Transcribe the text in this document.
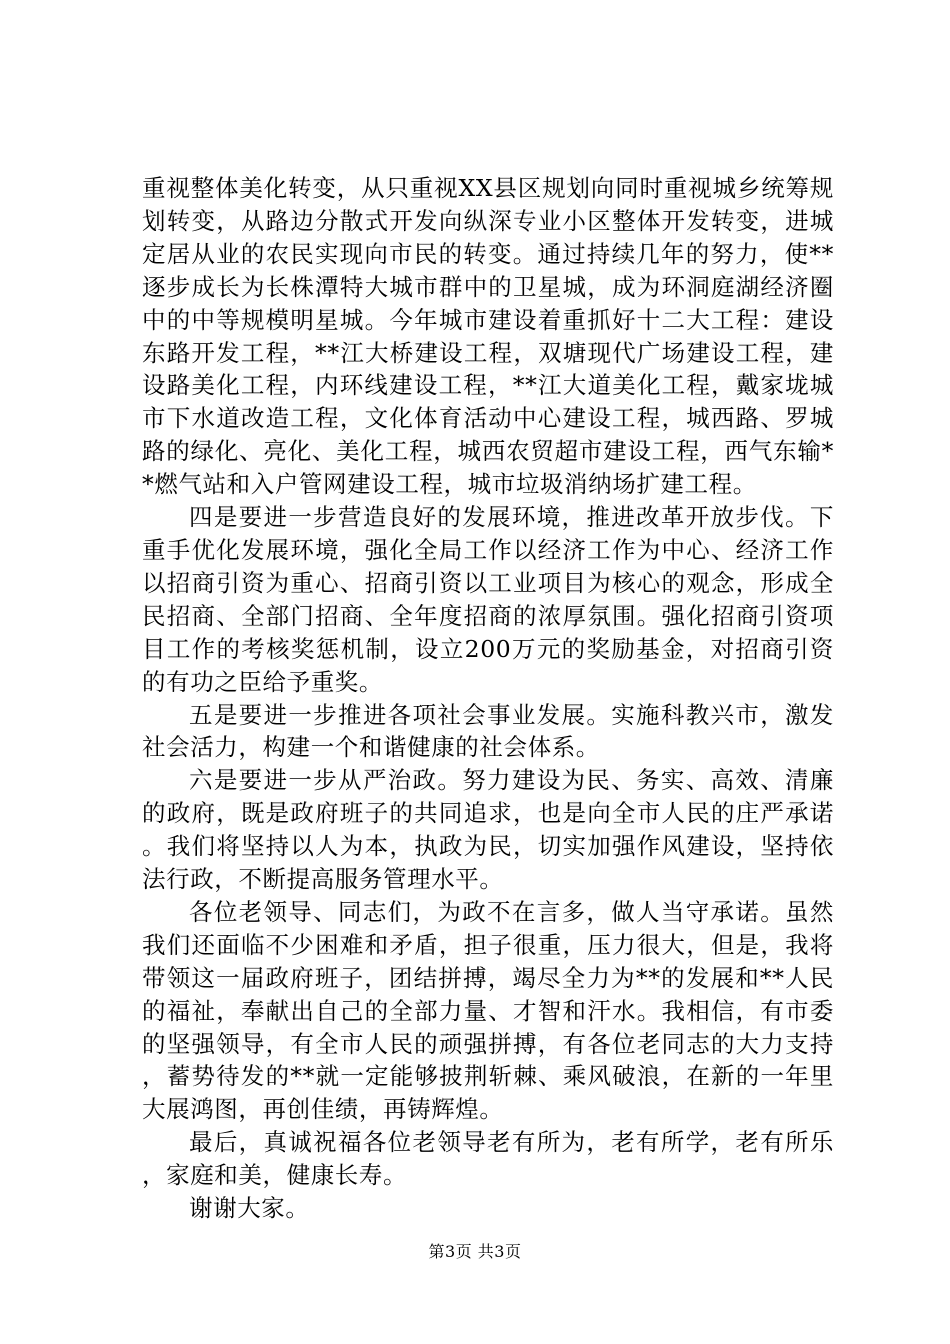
重视整体美化转变，从只重视XX县区规划向同时重视城乡统筹规划转变，从路边分散式开发向纵深专业小区整体开发转变，进城定居从业的农民实现向市民的转变。通过持续几年的努力，使**逐步成长为长株潭特大城市群中的卫星城，成为环洞庭湖经济圈中的中等规模明星城。今年城市建设着重抓好十二大工程：建设东路开发工程，**江大桥建设工程，双塘现代广场建设工程，建设路美化工程，内环线建设工程，**江大道美化工程，戴家垅城市下水道改造工程，文化体育活动中心建设工程，城西路、罗城路的绿化、亮化、美化工程，城西农贸超市建设工程，西气东输**燃气站和入户管网建设工程，城市垃圾消纳场扩建工程。

四是要进一步营造良好的发展环境，推进改革开放步伐。下重手优化发展环境，强化全局工作以经济工作为中心、经济工作以招商引资为重心、招商引资以工业项目为核心的观念，形成全民招商、全部门招商、全年度招商的浓厚氛围。强化招商引资项目工作的考核奖惩机制，设立200万元的奖励基金，对招商引资的有功之臣给予重奖。

五是要进一步推进各项社会事业发展。实施科教兴市，激发社会活力，构建一个和谐健康的社会体系。

六是要进一步从严治政。努力建设为民、务实、高效、清廉的政府，既是政府班子的共同追求，也是向全市人民的庄严承诺。我们将坚持以人为本，执政为民，切实加强作风建设，坚持依法行政，不断提高服务管理水平。

各位老领导、同志们，为政不在言多，做人当守承诺。虽然我们还面临不少困难和矛盾，担子很重，压力很大，但是，我将带领这一届政府班子，团结拼搏，竭尽全力为**的发展和**人民的福祉，奉献出自己的全部力量、才智和汗水。我相信，有市委的坚强领导，有全市人民的顽强拼搏，有各位老同志的大力支持，蓄势待发的**就一定能够披荆斩棘、乘风破浪，在新的一年里大展鸿图，再创佳绩，再铸辉煌。

最后，真诚祝福各位老领导老有所为，老有所学，老有所乐，家庭和美，健康长寿。

谢谢大家。

第3页 共3页
